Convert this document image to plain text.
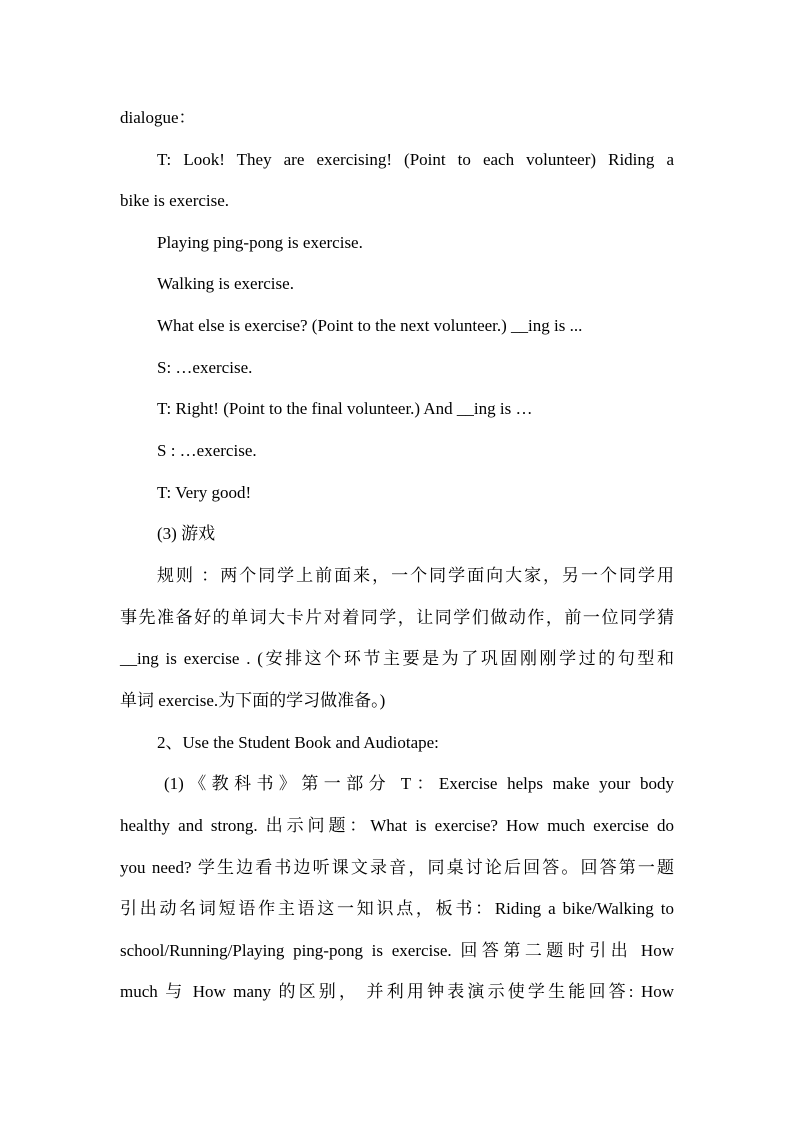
dialogue：
T: Look! They are exercising! (Point to each volunteer) Riding a
bike is exercise.
Playing ping-pong is exercise.
Walking is exercise.
What else is exercise? (Point to the next volunteer.) __ing is ...
S: …exercise.
T: Right! (Point to the final volunteer.) And __ing is …
S : …exercise.
T: Very good!
(3) 游戏
规则 ：两个同学上前面来，一个同学面向大家，另一个同学用
事先准备好的单词大卡片对着同学，让同学们做动作，前一位同学猜
__ing is exercise . (安排这个环节主要是为了巩固刚刚学过的句型和
单词 exercise.为下面的学习做准备。)
2、Use the Student Book and Audiotape:
(1)《教科书》第一部分 T：Exercise helps make your body
healthy and strong. 出示问题：What is exercise? How much exercise do
you need? 学生边看书边听课文录音，同桌讨论后回答。回答第一题
引出动名词短语作主语这一知识点，板书：Riding a bike/Walking to
school/Running/Playing ping-pong is exercise. 回答第二题时引出 How
much 与 How many 的区别， 并利用钟表演示使学生能回答: How
